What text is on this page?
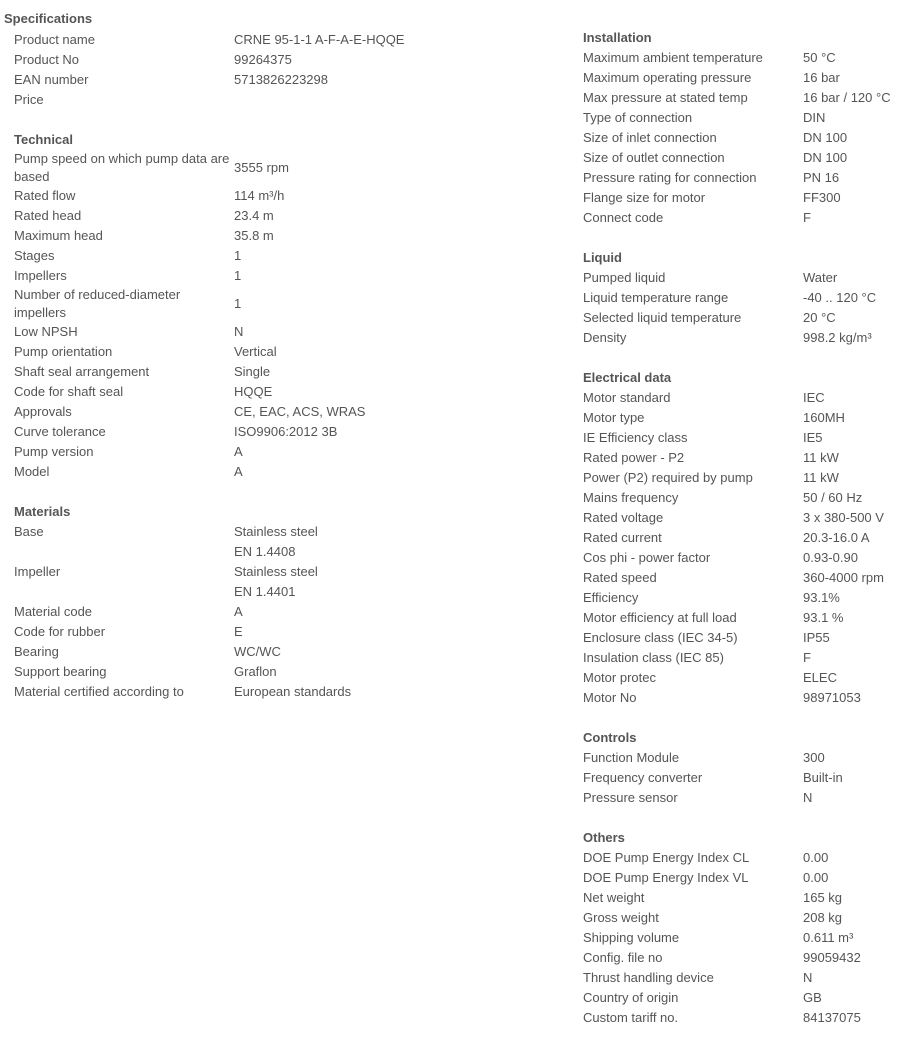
Specifications
Product name	CRNE 95-1-1 A-F-A-E-HQQE
Product No	99264375
EAN number	5713826223298
Price	
Technical
Pump speed on which pump data are based	3555 rpm
Rated flow	114 m³/h
Rated head	23.4 m
Maximum head	35.8 m
Stages	1
Impellers	1
Number of reduced-diameter impellers	1
Low NPSH	N
Pump orientation	Vertical
Shaft seal arrangement	Single
Code for shaft seal	HQQE
Approvals	CE, EAC, ACS, WRAS
Curve tolerance	ISO9906:2012 3B
Pump version	A
Model	A
Materials
Base	Stainless steel
	EN 1.4408
Impeller	Stainless steel
	EN 1.4401
Material code	A
Code for rubber	E
Bearing	WC/WC
Support bearing	Graflon
Material certified according to	European standards
Installation
Maximum ambient temperature	50 °C
Maximum operating pressure	16 bar
Max pressure at stated temp	16 bar / 120 °C
Type of connection	DIN
Size of inlet connection	DN 100
Size of outlet connection	DN 100
Pressure rating for connection	PN 16
Flange size for motor	FF300
Connect code	F
Liquid
Pumped liquid	Water
Liquid temperature range	-40 .. 120 °C
Selected liquid temperature	20 °C
Density	998.2 kg/m³
Electrical data
Motor standard	IEC
Motor type	160MH
IE Efficiency class	IE5
Rated power - P2	11 kW
Power (P2) required by pump	11 kW
Mains frequency	50 / 60 Hz
Rated voltage	3 x 380-500 V
Rated current	20.3-16.0 A
Cos phi - power factor	0.93-0.90
Rated speed	360-4000 rpm
Efficiency	93.1%
Motor efficiency at full load	93.1 %
Enclosure class (IEC 34-5)	IP55
Insulation class (IEC 85)	F
Motor protec	ELEC
Motor No	98971053
Controls
Function Module	300
Frequency converter	Built-in
Pressure sensor	N
Others
DOE Pump Energy Index CL	0.00
DOE Pump Energy Index VL	0.00
Net weight	165 kg
Gross weight	208 kg
Shipping volume	0.611 m³
Config. file no	99059432
Thrust handling device	N
Country of origin	GB
Custom tariff no.	84137075
